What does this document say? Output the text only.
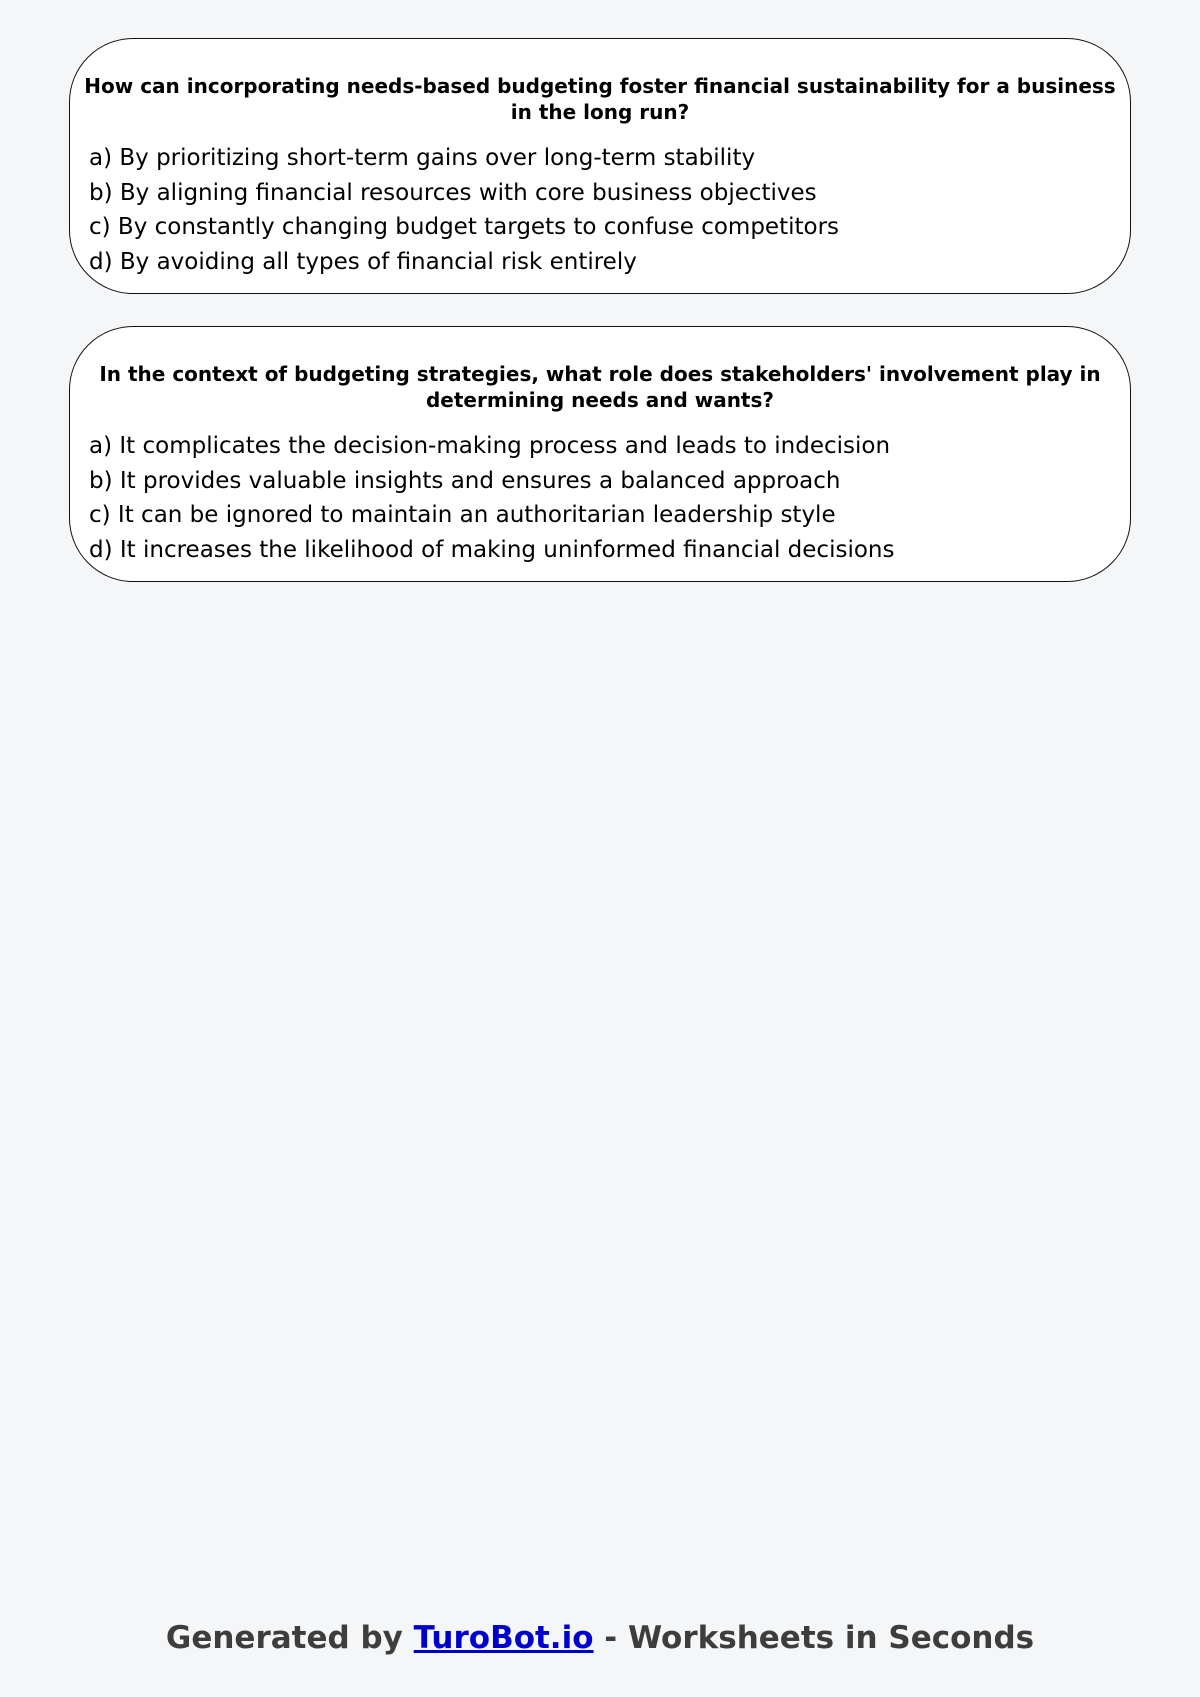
How can incorporating needs-based budgeting foster financial sustainability for a business in the long run?
a) By prioritizing short-term gains over long-term stability
b) By aligning financial resources with core business objectives
c) By constantly changing budget targets to confuse competitors
d) By avoiding all types of financial risk entirely
In the context of budgeting strategies, what role does stakeholders' involvement play in determining needs and wants?
a) It complicates the decision-making process and leads to indecision
b) It provides valuable insights and ensures a balanced approach
c) It can be ignored to maintain an authoritarian leadership style
d) It increases the likelihood of making uninformed financial decisions
Generated by TuroBot.io - Worksheets in Seconds
